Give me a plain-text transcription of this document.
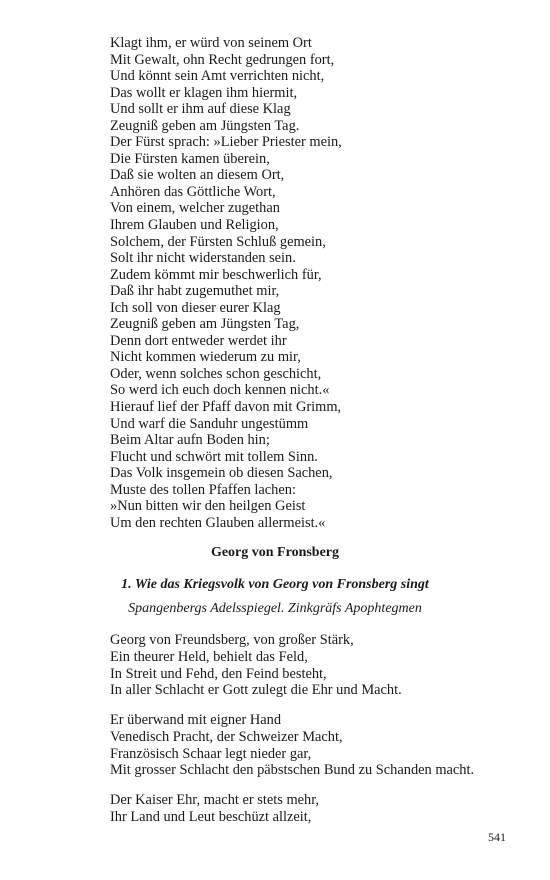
Klagt ihm, er würd von seinem Ort
Mit Gewalt, ohn Recht gedrungen fort,
Und könnt sein Amt verrichten nicht,
Das wollt er klagen ihm hiermit,
Und sollt er ihm auf diese Klag
Zeugniß geben am Jüngsten Tag.
Der Fürst sprach: »Lieber Priester mein,
Die Fürsten kamen überein,
Daß sie wolten an diesem Ort,
Anhören das Göttliche Wort,
Von einem, welcher zugethan
Ihrem Glauben und Religion,
Solchem, der Fürsten Schluß gemein,
Solt ihr nicht widerstanden sein.
Zudem kömmt mir beschwerlich für,
Daß ihr habt zugemuthet mir,
Ich soll von dieser eurer Klag
Zeugniß geben am Jüngsten Tag,
Denn dort entweder werdet ihr
Nicht kommen wiederum zu mir,
Oder, wenn solches schon geschicht,
So werd ich euch doch kennen nicht.«
Hierauf lief der Pfaff davon mit Grimm,
Und warf die Sanduhr ungestümm
Beim Altar aufn Boden hin;
Flucht und schwört mit tollem Sinn.
Das Volk insgemein ob diesen Sachen,
Muste des tollen Pfaffen lachen:
»Nun bitten wir den heilgen Geist
Um den rechten Glauben allermeist.«
Georg von Fronsberg
1. Wie das Kriegsvolk von Georg von Fronsberg singt
Spangenbergs Adelsspiegel. Zinkgräfs Apophtegmen
Georg von Freundsberg, von großer Stärk,
Ein theurer Held, behielt das Feld,
In Streit und Fehd, den Feind besteht,
In aller Schlacht er Gott zulegt die Ehr und Macht.
Er überwand mit eigner Hand
Venedisch Pracht, der Schweizer Macht,
Französisch Schaar legt nieder gar,
Mit grosser Schlacht den päbstschen Bund zu Schanden macht.
Der Kaiser Ehr, macht er stets mehr,
Ihr Land und Leut beschüzt allzeit,
541
